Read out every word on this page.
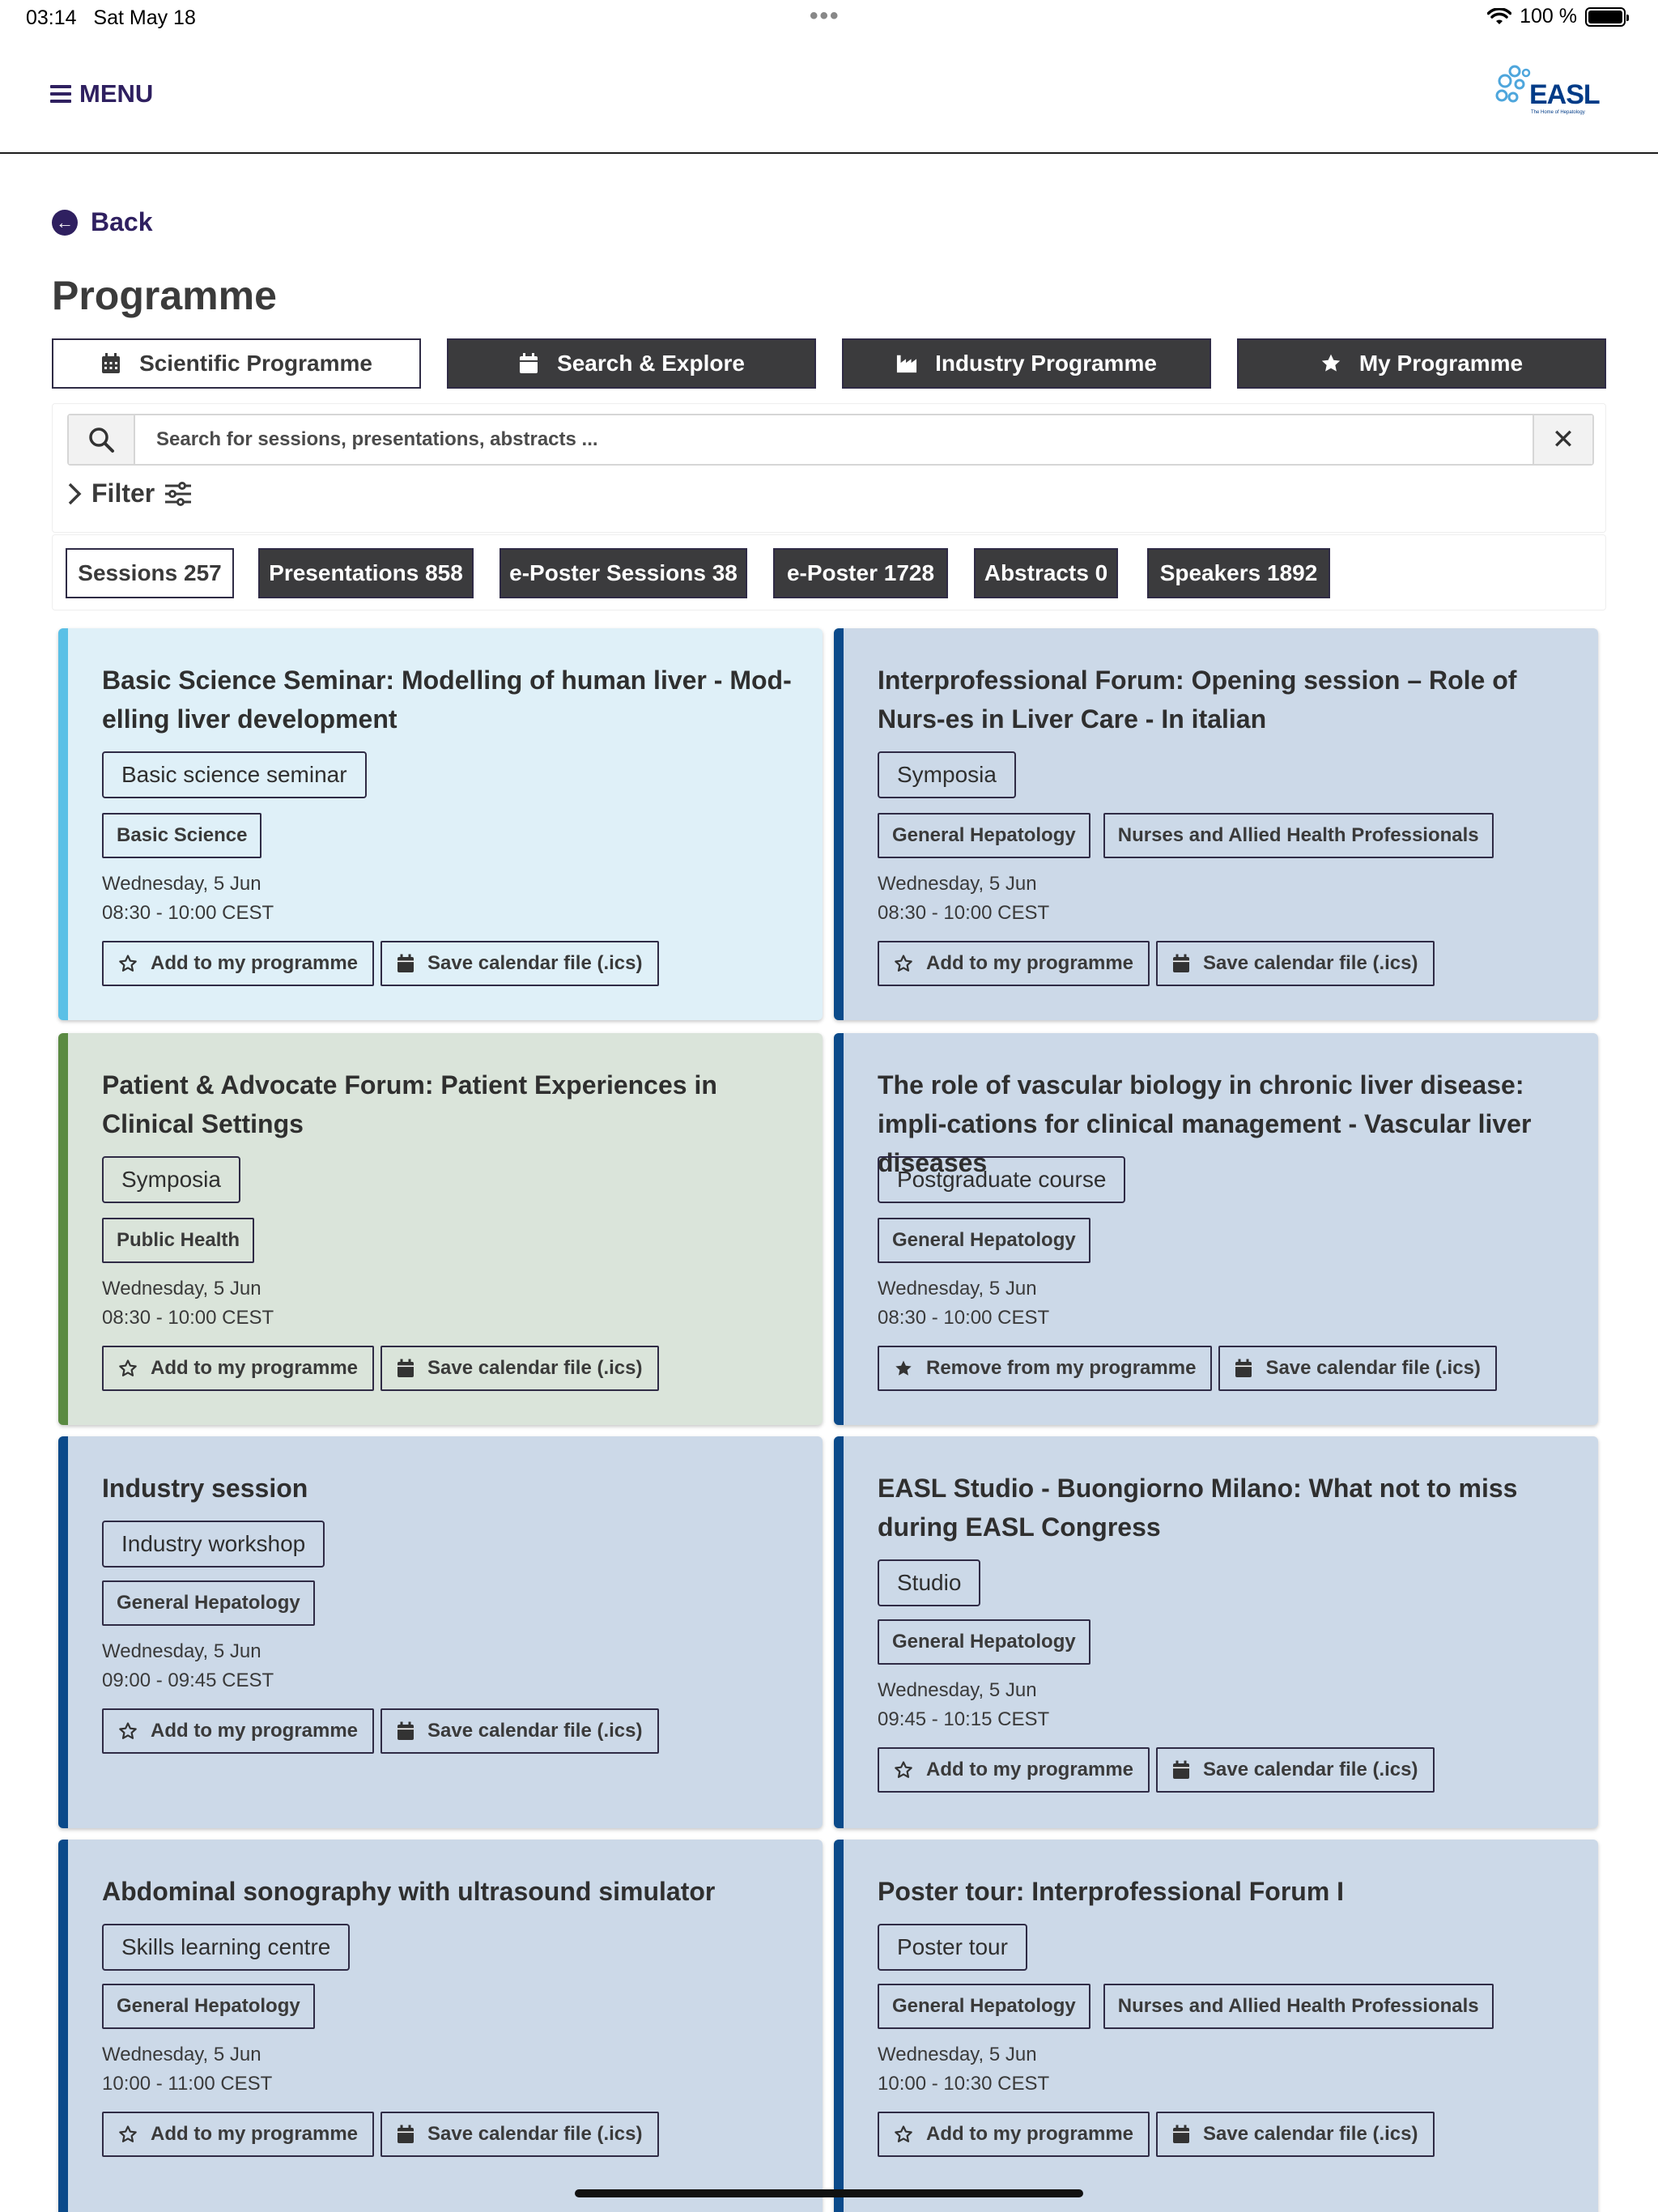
03:14 Sat May 18	•••	100 %
MENU	EASL
The Home of Hepatology
← Back
Programme
Scientific Programme	Search & Explore	Industry Programme	My Programme
Search for sessions, presentations, abstracts ...
✕
Filter
Sessions 257 Presentations 858 e-Poster Sessions 38 e-Poster 1728 Abstracts 0 Speakers 1892
Basic Science Seminar: Modelling of human liver - Mod-elling liver development
Basic science seminar
Basic Science
Wednesday, 5 Jun
08:30 - 10:00 CEST
Add to my programme	Save calendar file (.ics)
Interprofessional Forum: Opening session – Role of Nurs-es in Liver Care - In italian
Symposia
General Hepatology	Nurses and Allied Health Professionals
Wednesday, 5 Jun
08:30 - 10:00 CEST
Add to my programme	Save calendar file (.ics)
Patient & Advocate Forum: Patient Experiences in Clinical Settings
Symposia
Public Health
Wednesday, 5 Jun
08:30 - 10:00 CEST
Add to my programme	Save calendar file (.ics)
The role of vascular biology in chronic liver disease: impli-cations for clinical management - Vascular liver diseases
Postgraduate course
General Hepatology
Wednesday, 5 Jun
08:30 - 10:00 CEST
Remove from my programme	Save calendar file (.ics)
Industry session
Industry workshop
General Hepatology
Wednesday, 5 Jun
09:00 - 09:45 CEST
Add to my programme	Save calendar file (.ics)
EASL Studio - Buongiorno Milano: What not to miss during EASL Congress
Studio
General Hepatology
Wednesday, 5 Jun
09:45 - 10:15 CEST
Add to my programme	Save calendar file (.ics)
Abdominal sonography with ultrasound simulator
Skills learning centre
General Hepatology
Wednesday, 5 Jun
10:00 - 11:00 CEST
Add to my programme	Save calendar file (.ics)
Poster tour: Interprofessional Forum I
Poster tour
General Hepatology	Nurses and Allied Health Professionals
Wednesday, 5 Jun
10:00 - 10:30 CEST
Add to my programme	Save calendar file (.ics)
